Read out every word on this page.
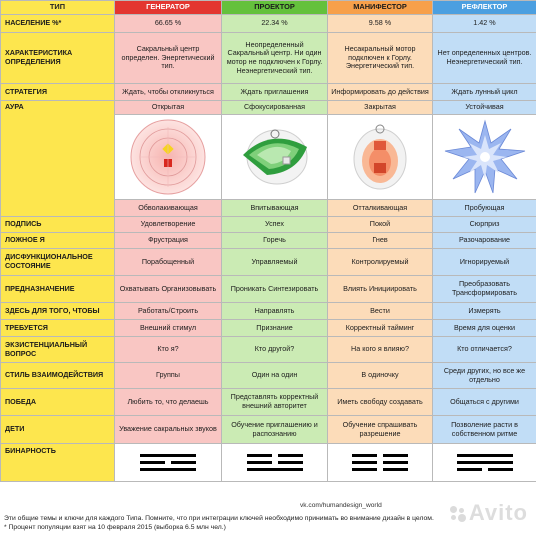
ТИП	ГЕНЕРАТОР	ПРОЕКТОР	МАНИФЕСТОР	РЕФЛЕКТОР
НАСЕЛЕНИЕ %*	66.65 %	22.34 %	9.58 %	1.42 %
ХАРАКТЕРИСТИКА ОПРЕДЕЛЕНИЯ	Сакральный центр определен. Энергетический тип.	Неопределенный Сакральный центр. Ни один мотор не подключен к Горлу. Неэнергетический тип.	Несакральный мотор подключен к Горлу. Энергетический тип.	Нет определенных центров. Неэнергетический тип.
СТРАТЕГИЯ	Ждать, чтобы откликнуться	Ждать приглашения	Информировать до действия	Ждать лунный цикл
АУРА	Открытая	Сфокусированная	Закрытая	Устойчивая

	Обволакивающая	Впитывающая	Отталкивающая	Пробующая
ПОДПИСЬ	Удовлетворение	Успех	Покой	Сюрприз
ЛОЖНОЕ Я	Фрустрация	Горечь	Гнев	Разочарование
ДИСФУНКЦИОНАЛЬНОЕ СОСТОЯНИЕ	Порабощенный	Управляемый	Контролируемый	Игнорируемый
ПРЕДНАЗНАЧЕНИЕ	Охватывать Организовывать	Проникать Синтезировать	Влиять Инициировать	Преобразовать Трансформировать
ЗДЕСЬ ДЛЯ ТОГО, ЧТОБЫ	Работать/Строить	Направлять	Вести	Измерять
ТРЕБУЕТСЯ	Внешний стимул	Признание	Корректный тайминг	Время для оценки
ЭКЗИСТЕНЦИАЛЬНЫЙ ВОПРОС	Кто я?	Кто другой?	На кого я влияю?	Кто отличается?
СТИЛЬ ВЗАИМОДЕЙСТВИЯ	Группы	Один на один	В одиночку	Среди других, но все же отдельно
ПОБЕДА	Любить то, что делаешь	Представлять корректный внешний авторитет	Иметь свободу создавать	Общаться с другими
ДЕТИ	Уважение сакральных звуков	Обучение приглашению и распознанию	Обучение спрашивать разрешение	Позволение расти в собственном ритме
БИНАРНОСТЬ	

vk.com/humandesign_world
Эти общие темы и ключи для каждого Типа. Помните, что при интеграции ключей необходимо принимать во внимание дизайн в целом.
* Процент популяции взят на 10 февраля 2015 (выборка 6.5 млн чел.)
Avito
